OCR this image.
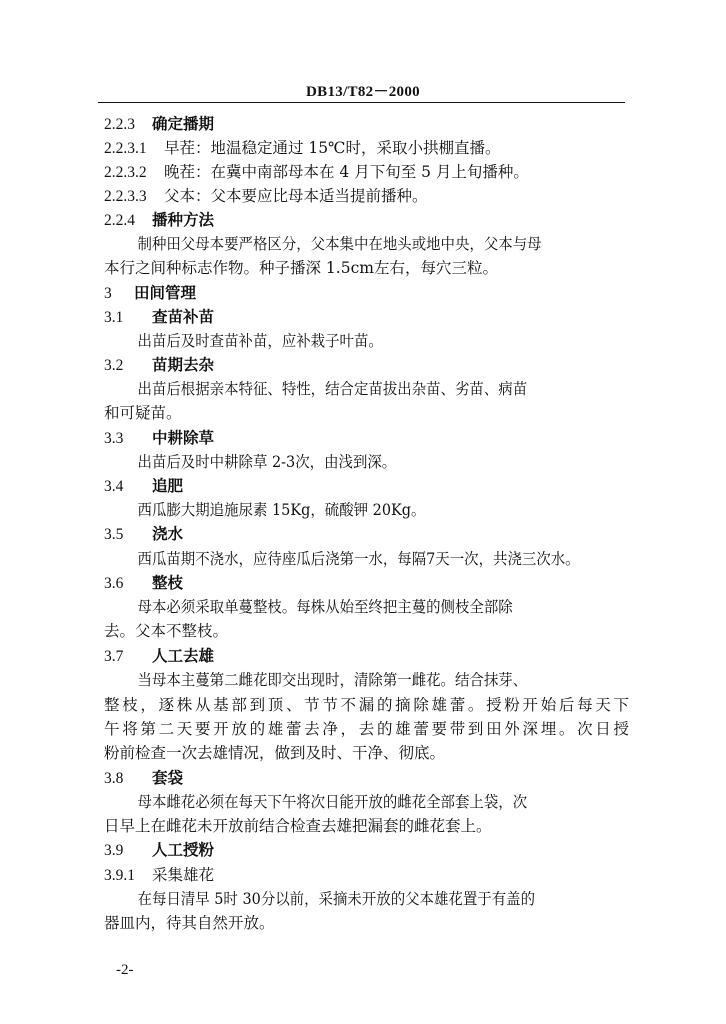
DB13/T82－2000
2.2.3 确定播期
2.2.3.1 早茬：地温稳定通过 15℃时，采取小拱棚直播。
2.2.3.2 晚茬：在冀中南部母本在 4 月下旬至 5 月上旬播种。
2.2.3.3 父本：父本要应比母本适当提前播种。
2.2.4 播种方法
制种田父母本要严格区分，父本集中在地头或地中央，父本与母
本行之间种标志作物。种子播深 1.5cm左右，每穴三粒。
3 田间管理
3.1 查苗补苗
出苗后及时查苗补苗，应补栽子叶苗。
3.2 苗期去杂
出苗后根据亲本特征、特性，结合定苗拔出杂苗、劣苗、病苗
和可疑苗。
3.3 中耕除草
出苗后及时中耕除草 2-3次，由浅到深。
3.4 追肥
西瓜膨大期追施尿素 15Kg，硫酸钾 20Kg。
3.5 浇水
西瓜苗期不浇水，应待座瓜后浇第一水，每隔7天一次，共浇三次水。
3.6 整枝
母本必须采取单蔓整枝。每株从始至终把主蔓的侧枝全部除
去。父本不整枝。
3.7 人工去雄
当母本主蔓第二雌花即交出现时，清除第一雌花。结合抹芽、
整枝，逐株从基部到顶、节节不漏的摘除雄蕾。授粉开始后每天下
午将第二天要开放的雄蕾去净，去的雄蕾要带到田外深埋。次日授
粉前检查一次去雄情况，做到及时、干净、彻底。
3.8 套袋
母本雌花必须在每天下午将次日能开放的雌花全部套上袋，次
日早上在雌花未开放前结合检查去雄把漏套的雌花套上。
3.9 人工授粉
3.9.1 采集雄花
在每日清早 5时 30分以前，采摘未开放的父本雄花置于有盖的
器皿内，待其自然开放。
-2-
